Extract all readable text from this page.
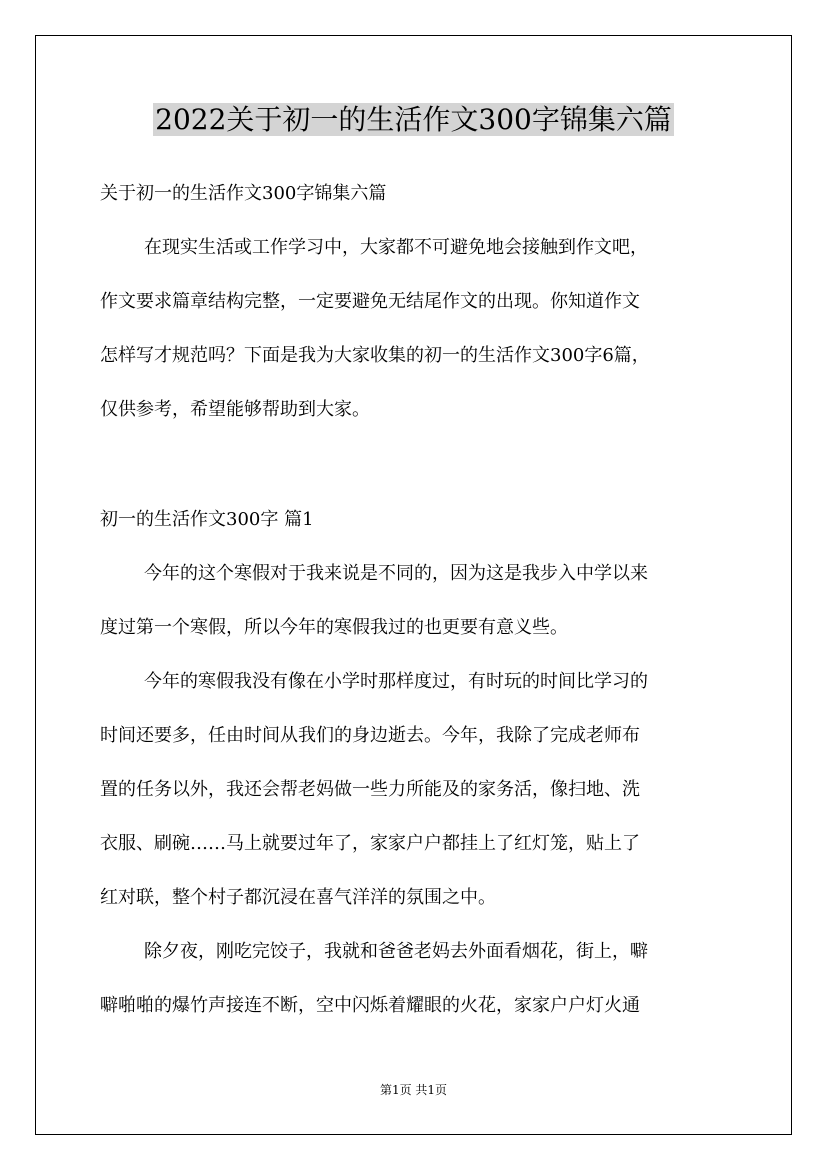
2022关于初一的生活作文300字锦集六篇

关于初一的生活作文300字锦集六篇

在现实生活或工作学习中，大家都不可避免地会接触到作文吧，

作文要求篇章结构完整，一定要避免无结尾作文的出现。你知道作文

怎样写才规范吗？下面是我为大家收集的初一的生活作文300字6篇，

仅供参考，希望能够帮助到大家。

初一的生活作文300字 篇1

今年的这个寒假对于我来说是不同的，因为这是我步入中学以来

度过第一个寒假，所以今年的寒假我过的也更要有意义些。

今年的寒假我没有像在小学时那样度过，有时玩的时间比学习的

时间还要多，任由时间从我们的身边逝去。今年，我除了完成老师布

置的任务以外，我还会帮老妈做一些力所能及的家务活，像扫地、洗

衣服、刷碗……马上就要过年了，家家户户都挂上了红灯笼，贴上了

红对联，整个村子都沉浸在喜气洋洋的氛围之中。

除夕夜，刚吃完饺子，我就和爸爸老妈去外面看烟花，街上，噼

噼啪啪的爆竹声接连不断，空中闪烁着耀眼的火花，家家户户灯火通

第1页 共1页
